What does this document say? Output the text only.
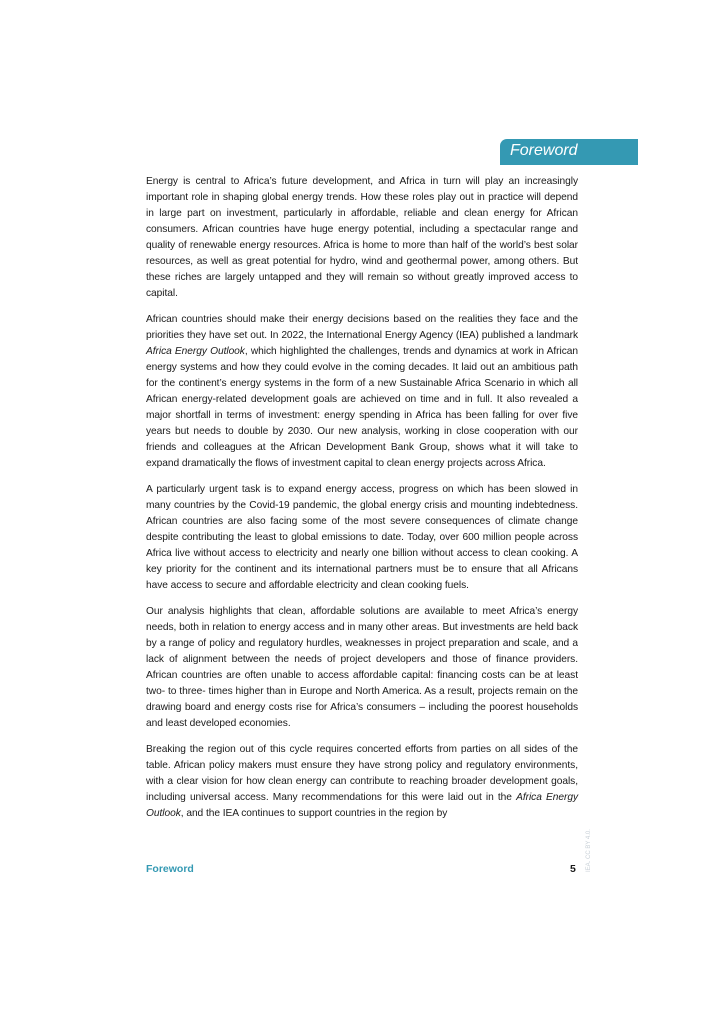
Foreword

Energy is central to Africa’s future development, and Africa in turn will play an increasingly important role in shaping global energy trends. How these roles play out in practice will depend in large part on investment, particularly in affordable, reliable and clean energy for African consumers. African countries have huge energy potential, including a spectacular range and quality of renewable energy resources. Africa is home to more than half of the world’s best solar resources, as well as great potential for hydro, wind and geothermal power, among others. But these riches are largely untapped and they will remain so without greatly improved access to capital.

African countries should make their energy decisions based on the realities they face and the priorities they have set out. In 2022, the International Energy Agency (IEA) published a landmark Africa Energy Outlook, which highlighted the challenges, trends and dynamics at work in African energy systems and how they could evolve in the coming decades. It laid out an ambitious path for the continent’s energy systems in the form of a new Sustainable Africa Scenario in which all African energy-related development goals are achieved on time and in full. It also revealed a major shortfall in terms of investment: energy spending in Africa has been falling for over five years but needs to double by 2030. Our new analysis, working in close cooperation with our friends and colleagues at the African Development Bank Group, shows what it will take to expand dramatically the flows of investment capital to clean energy projects across Africa.

A particularly urgent task is to expand energy access, progress on which has been slowed in many countries by the Covid-19 pandemic, the global energy crisis and mounting indebtedness. African countries are also facing some of the most severe consequences of climate change despite contributing the least to global emissions to date. Today, over 600 million people across Africa live without access to electricity and nearly one billion without access to clean cooking. A key priority for the continent and its international partners must be to ensure that all Africans have access to secure and affordable electricity and clean cooking fuels.

Our analysis highlights that clean, affordable solutions are available to meet Africa’s energy needs, both in relation to energy access and in many other areas. But investments are held back by a range of policy and regulatory hurdles, weaknesses in project preparation and scale, and a lack of alignment between the needs of project developers and those of finance providers. African countries are often unable to access affordable capital: financing costs can be at least two- to three- times higher than in Europe and North America. As a result, projects remain on the drawing board and energy costs rise for Africa’s consumers – including the poorest households and least developed economies.

Breaking the region out of this cycle requires concerted efforts from parties on all sides of the table. African policy makers must ensure they have strong policy and regulatory environments, with a clear vision for how clean energy can contribute to reaching broader development goals, including universal access. Many recommendations for this were laid out in the Africa Energy Outlook, and the IEA continues to support countries in the region by

Foreword	5 IEA. CC BY 4.0.
